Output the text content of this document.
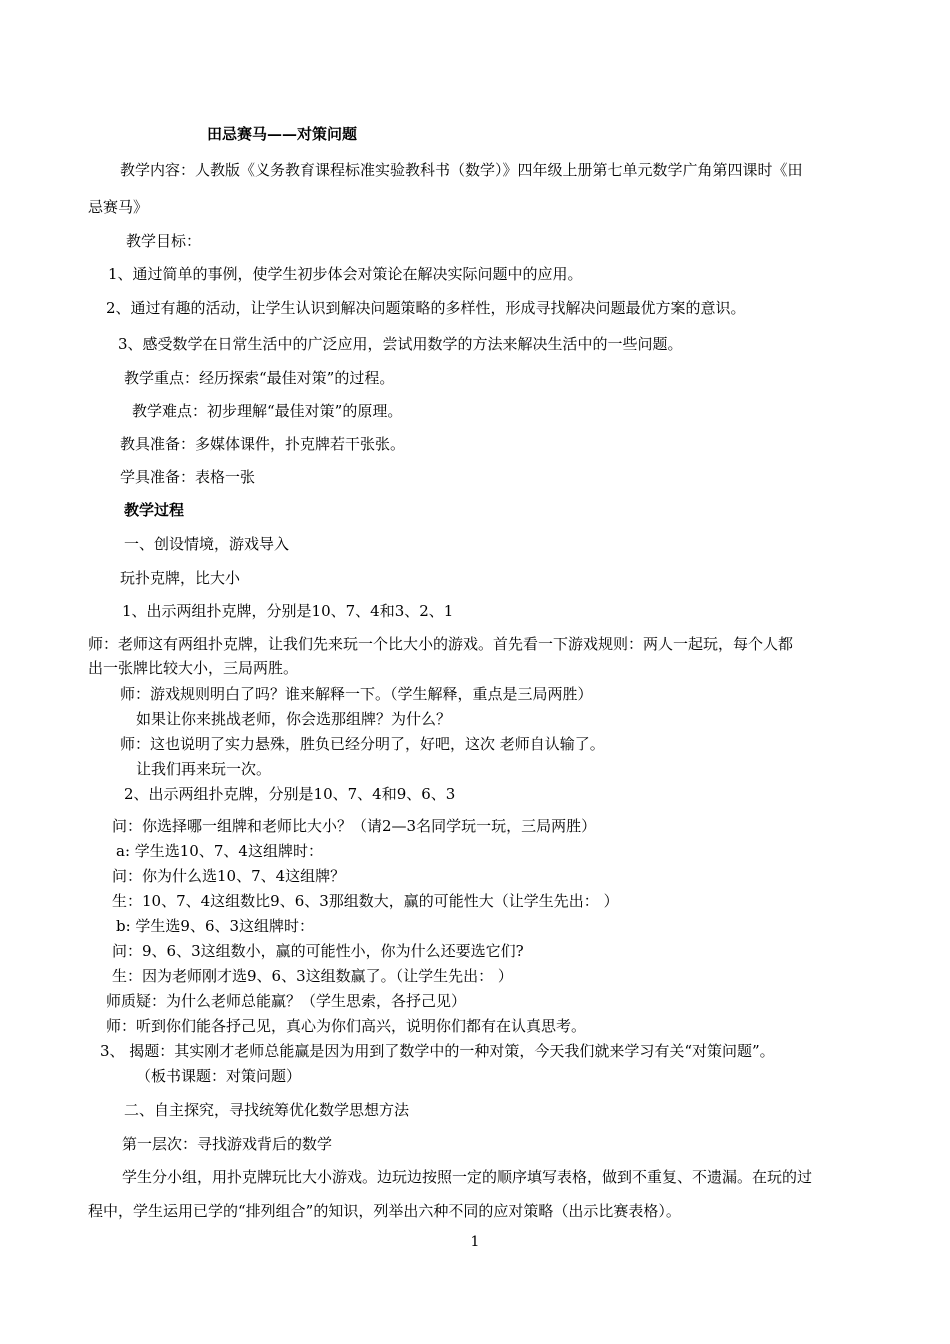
田忌赛马——对策问题
教学内容：人教版《义务教育课程标准实验教科书（数学）》四年级上册第七单元数学广角第四课时《田
忌赛马》
教学目标：
1、通过简单的事例，使学生初步体会对策论在解决实际问题中的应用。
2、通过有趣的活动，让学生认识到解决问题策略的多样性，形成寻找解决问题最优方案的意识。
3、感受数学在日常生活中的广泛应用，尝试用数学的方法来解决生活中的一些问题。
教学重点：经历探索“最佳对策”的过程。
教学难点：初步理解“最佳对策”的原理。
教具准备：多媒体课件，扑克牌若干张张。
学具准备：表格一张
教学过程
一、创设情境，游戏导入
玩扑克牌，比大小
1、出示两组扑克牌，分别是10、7、4和3、2、1
师：老师这有两组扑克牌，让我们先来玩一个比大小的游戏。首先看一下游戏规则：两人一起玩，每个人都
出一张牌比较大小，三局两胜。
师：游戏规则明白了吗？谁来解释一下。（学生解释，重点是三局两胜）
如果让你来挑战老师，你会选那组牌？为什么？
师：这也说明了实力悬殊，胜负已经分明了，好吧，这次 老师自认输了。
让我们再来玩一次。
2、出示两组扑克牌，分别是10、7、4和9、6、3
问：你选择哪一组牌和老师比大小？（请2—3名同学玩一玩，三局两胜）
a: 学生选10、7、4这组牌时：
问：你为什么选10、7、4这组牌？
生：10、7、4这组数比9、6、3那组数大，赢的可能性大（让学生先出： ）
b: 学生选9、6、3这组牌时：
问：9、6、3这组数小，赢的可能性小，你为什么还要选它们?
生：因为老师刚才选9、6、3这组数赢了。（让学生先出： ）
师质疑：为什么老师总能赢？（学生思索，各抒己见）
师：听到你们能各抒己见，真心为你们高兴，说明你们都有在认真思考。
3、 揭题：其实刚才老师总能赢是因为用到了数学中的一种对策，今天我们就来学习有关“对策问题”。
（板书课题：对策问题）
二、自主探究，寻找统筹优化数学思想方法
第一层次：寻找游戏背后的数学
学生分小组，用扑克牌玩比大小游戏。边玩边按照一定的顺序填写表格，做到不重复、不遗漏。在玩的过
程中，学生运用已学的“排列组合”的知识，列举出六种不同的应对策略（出示比赛表格）。
1
